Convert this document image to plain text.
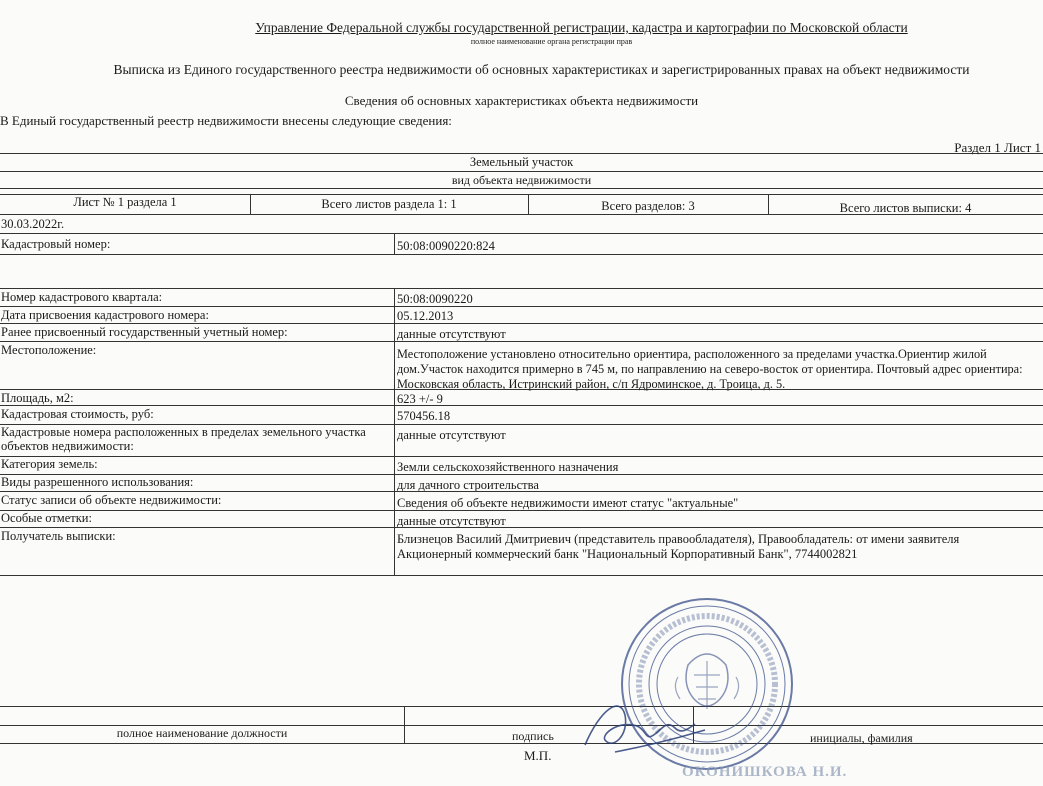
Управление Федеральной службы государственной регистрации, кадастра и картографии по Московской области
полное наименование органа регистрации прав
Выписка из Единого государственного реестра недвижимости об основных характеристиках и зарегистрированных правах на объект недвижимости
Сведения об основных характеристиках объекта недвижимости
В Единый государственный реестр недвижимости внесены следующие сведения:
Раздел 1 Лист 1
Земельный участок
вид объекта недвижимости
Лист № 1 раздела 1	Всего листов раздела 1: 1	Всего разделов: 3	Всего листов выписки: 4
30.03.2022г.
Кадастровый номер:	50:08:0090220:824
Номер кадастрового квартала:	50:08:0090220
Дата присвоения кадастрового номера:	05.12.2013
Ранее присвоенный государственный учетный номер:	данные отсутствуют
Местоположение:	Местоположение установлено относительно ориентира, расположенного за пределами участка.Ориентир жилой дом.Участок находится примерно в 745 м, по направлению на северо-восток от ориентира. Почтовый адрес ориентира: Московская область, Истринский район, с/п Ядроминское, д. Троица, д. 5.
Площадь, м2:	623 +/- 9
Кадастровая стоимость, руб:	570456.18
Кадастровые номера расположенных в пределах земельного участка объектов недвижимости:
данные отсутствуют
Категория земель:	Земли сельскохозяйственного назначения
Виды разрешенного использования:	для дачного строительства
Статус записи об объекте недвижимости:	Сведения об объекте недвижимости имеют статус "актуальные"
Особые отметки:	данные отсутствуют
Получатель выписки:	Близнецов Василий Дмитриевич (представитель правообладателя), Правообладатель: от имени заявителя Акционерный коммерческий банк "Национальный Корпоративный Банк", 7744002821
полное наименование должности	подпись	инициалы, фамилия
М.П.
ОКОНИШКОВА Н.И.
